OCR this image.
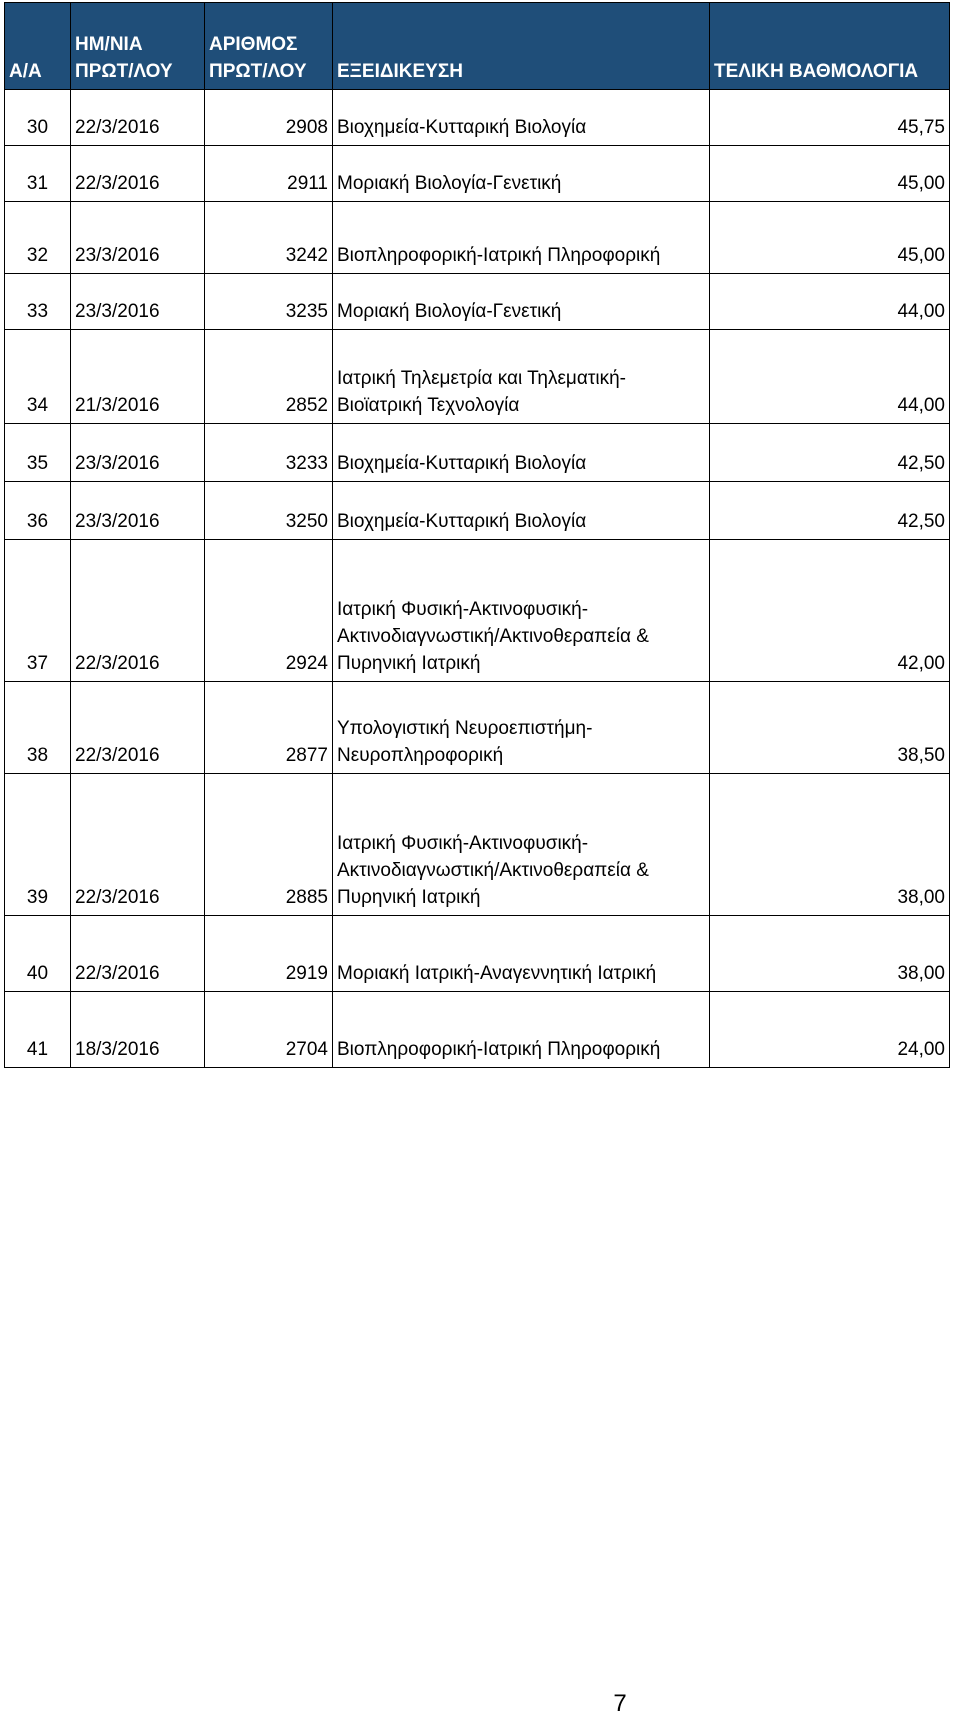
Α/Α	ΗΜ/ΝΙΑ ΠΡΩΤ/ΛΟΥ	ΑΡΙΘΜΟΣ ΠΡΩΤ/ΛΟΥ	ΕΞΕΙΔΙΚΕΥΣΗ	ΤΕΛΙΚΗ ΒΑΘΜΟΛΟΓΙΑ
30	22/3/2016	2908	Βιοχημεία-Κυτταρική Βιολογία	45,75
31	22/3/2016	2911	Μοριακή Βιολογία-Γενετική	45,00
32	23/3/2016	3242	Βιοπληροφορική-Ιατρική Πληροφορική	45,00
33	23/3/2016	3235	Μοριακή Βιολογία-Γενετική	44,00
34	21/3/2016	2852	Ιατρική Τηλεμετρία και Τηλεματική-Βιοϊατρική Τεχνολογία	44,00
35	23/3/2016	3233	Βιοχημεία-Κυτταρική Βιολογία	42,50
36	23/3/2016	3250	Βιοχημεία-Κυτταρική Βιολογία	42,50
37	22/3/2016	2924	Ιατρική Φυσική-Ακτινοφυσική-Ακτινοδιαγνωστική/Ακτινοθεραπεία & Πυρηνική Ιατρική	42,00
38	22/3/2016	2877	Υπολογιστική Νευροεπιστήμη-Νευροπληροφορική	38,50
39	22/3/2016	2885	Ιατρική Φυσική-Ακτινοφυσική-Ακτινοδιαγνωστική/Ακτινοθεραπεία & Πυρηνική Ιατρική	38,00
40	22/3/2016	2919	Μοριακή Ιατρική-Αναγεννητική Ιατρική	38,00
41	18/3/2016	2704	Βιοπληροφορική-Ιατρική Πληροφορική	24,00
7
